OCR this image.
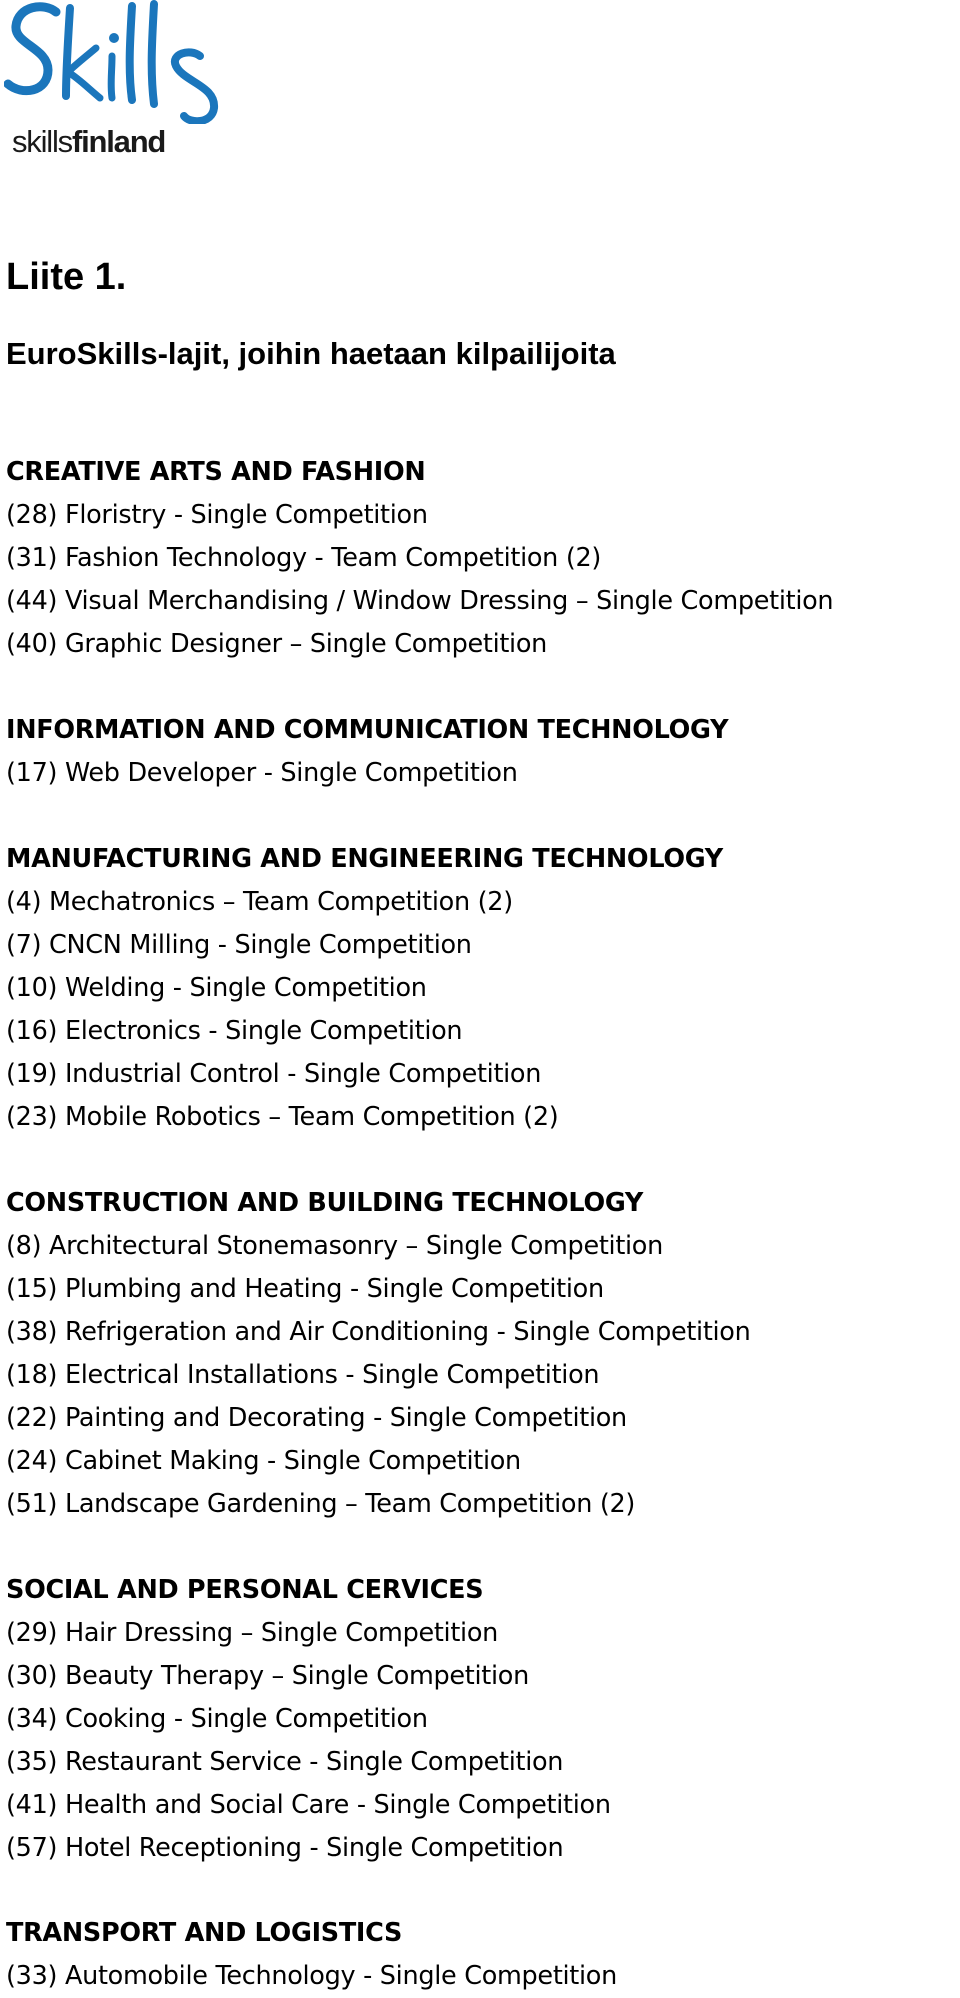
skillsfinland
Liite 1.
EuroSkills-lajit, joihin haetaan kilpailijoita
CREATIVE ARTS AND FASHION
(28) Floristry - Single Competition
(31) Fashion Technology - Team Competition (2)
(44) Visual Merchandising / Window Dressing – Single Competition
(40) Graphic Designer – Single Competition
INFORMATION AND COMMUNICATION TECHNOLOGY
(17) Web Developer - Single Competition
MANUFACTURING AND ENGINEERING TECHNOLOGY
(4) Mechatronics – Team Competition (2)
(7) CNCN Milling - Single Competition
(10) Welding - Single Competition
(16) Electronics - Single Competition
(19) Industrial Control - Single Competition
(23) Mobile Robotics – Team Competition (2)
CONSTRUCTION AND BUILDING TECHNOLOGY
(8) Architectural Stonemasonry – Single Competition
(15) Plumbing and Heating - Single Competition
(38) Refrigeration and Air Conditioning - Single Competition
(18) Electrical Installations - Single Competition
(22) Painting and Decorating - Single Competition
(24) Cabinet Making - Single Competition
(51) Landscape Gardening – Team Competition (2)
SOCIAL AND PERSONAL CERVICES
(29) Hair Dressing – Single Competition
(30) Beauty Therapy – Single Competition
(34) Cooking - Single Competition
(35) Restaurant Service - Single Competition
(41) Health and Social Care - Single Competition
(57) Hotel Receptioning - Single Competition
TRANSPORT AND LOGISTICS
(33) Automobile Technology - Single Competition
